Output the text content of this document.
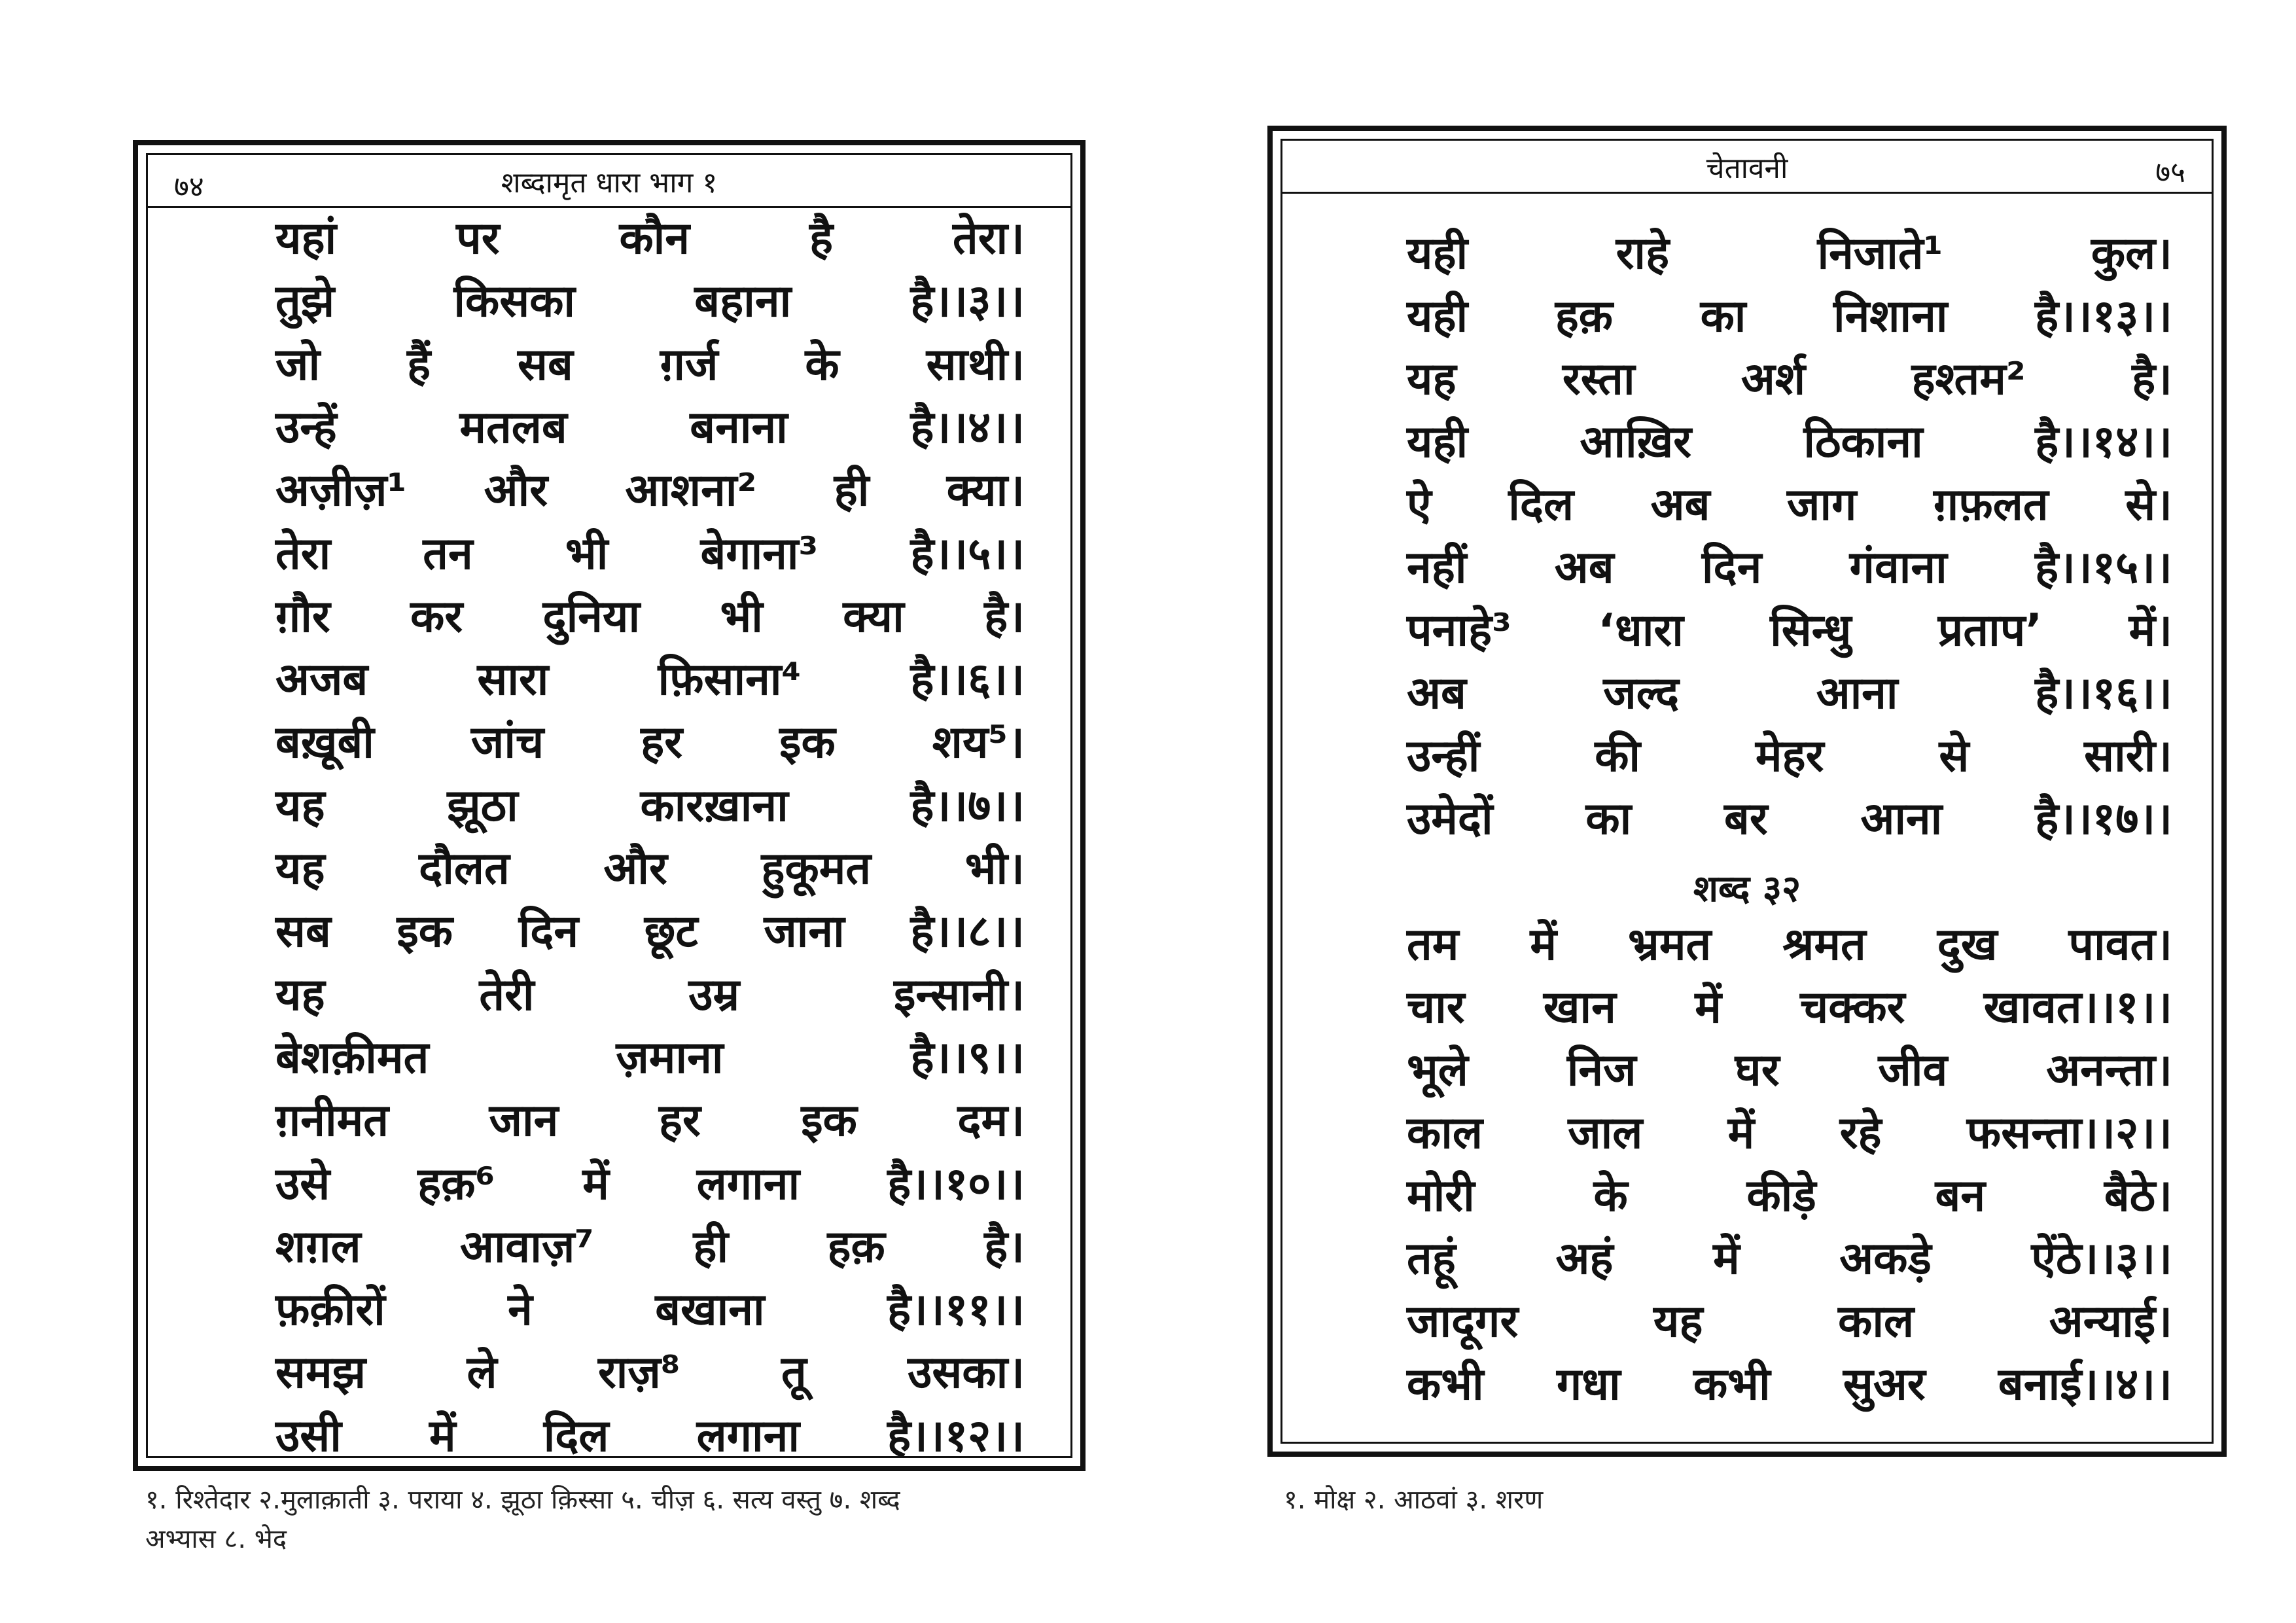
७४	शब्दामृत धारा भाग १
यहां	पर	कौन	है	तेरा।
तुझे	किसका	बहाना	है।।३।।
जो हैं सब ग़र्ज के साथी।
उन्हें	मतलब	बनाना	है।।४।।
अज़ीज़¹ और आशना² ही क्या।
तेरा तन भी बेगाना³ है।।५।।
ग़ौर कर दुनिया भी क्या है।
अजब सारा फ़िसाना⁴ है।।६।।
बख़ूबी जांच हर इक शय⁵।
यह	झूठा	कारख़ाना	है।।७।।
यह दौलत और हुकूमत भी।
सब इक दिन छूट जाना है।।८।।
यह	तेरी	उम्र	इन्सानी।
बेशक़ीमत	ज़माना	है।।९।।
ग़नीमत जान हर इक दम।
उसे हक़⁶ में लगाना है।।१०।।
शग़ल आवाज़⁷ ही हक़ है।
फ़क़ीरों	ने	बखाना	है।।११।।
समझ ले राज़⁸ तू उसका।
उसी में दिल लगाना है।।१२।।
१. रिश्तेदार २.मुलाक़ाती ३. पराया ४. झूठा क़िस्सा ५. चीज़ ६. सत्य वस्तु ७. शब्द
अभ्यास ८. भेद
चेतावनी	७५
शब्द ३२
यही	राहे	निजाते¹	कुल।
यही हक़ का निशाना है।।१३।।
यह रस्ता अर्श हश्तम² है।
यही	आख़िर	ठिकाना	है।।१४।।
ऐ दिल अब जाग ग़फ़लत से।
नहीं अब दिन गंवाना है।।१५।।
पनाहे³ ‘धारा सिन्धु प्रताप’ में।
अब	जल्द	आना	है।।१६।।
उन्हीं	की	मेहर	से	सारी।
उमेदों का बर आना है।।१७।।
तम में भ्रमत श्रमत दुख पावत।
चार खान में चक्कर खावत।।१।।
भूले निज घर जीव अनन्ता।
काल जाल में रहे फसन्ता।।२।।
मोरी	के	कीड़े	बन	बैठे।
तहूं अहं में अकड़े ऐंठे।।३।।
जादूगर	यह	काल	अन्याई।
कभी गधा कभी सुअर बनाई।।४।।
१. मोक्ष २. आठवां ३. शरण
